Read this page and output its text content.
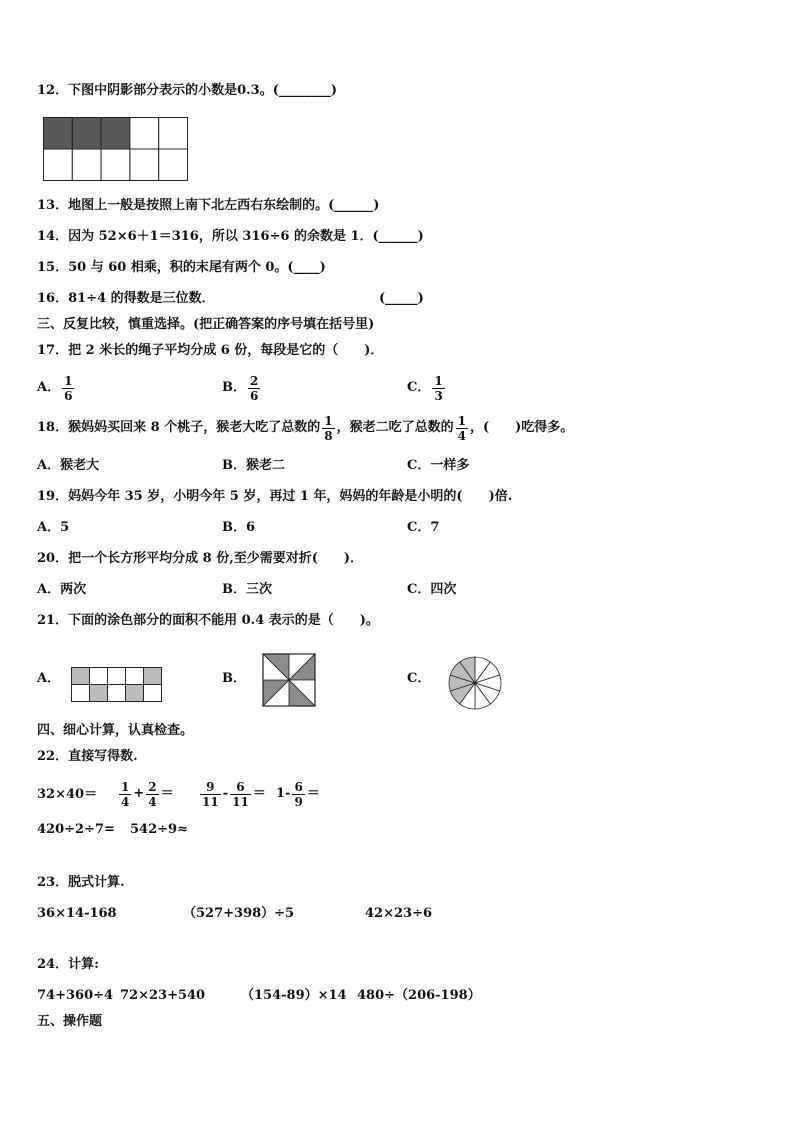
12．下图中阴影部分表示的小数是0.3。(________)
13．地图上一般是按照上南下北左西右东绘制的。(______)
14．因为 52×6＋1＝316，所以 316÷6 的余数是 1．(______)
15．50 与 60 相乘，积的末尾有两个 0。(____)
16．81÷4 的得数是三位数．	(_____)
三、反复比较，慎重选择。(把正确答案的序号填在括号里)
17．把 2 米长的绳子平均分成 6 份，每段是它的（　　)．
A． $\frac{1}{6}$	B． $\frac{2}{6}$	C． $\frac{1}{3}$
18．猴妈妈买回来 8 个桃子，猴老大吃了总数的 $\frac{1}{8}$ ，猴老二吃了总数的 $\frac{1}{4}$ ，(　　)吃得多。
A．猴老大	B．猴老二	C．一样多
19．妈妈今年 35 岁，小明今年 5 岁，再过 1 年，妈妈的年龄是小明的(　　)倍.
A．5	B．6	C．7
20．把一个长方形平均分成 8 份,至少需要对折(　　)．
A．两次	B．三次	C．四次
21．下面的涂色部分的面积不能用 0.4 表示的是（　　)。
A．	B．	C．
四、细心计算，认真检查。
22．直接写得数.
$32\times 40= \frac{1}{4} + \frac{2}{4} = \frac{9}{11} - \frac{6}{11} = 1- \frac{6}{9}$ ＝
420÷2÷7= 542÷9≈
23．脱式计算.
36×14-168	（527+398）÷5	42×23÷6
24．计算:
74+360÷4 72×23+540	（154-89）×14 480÷（206-198）
五、操作题
